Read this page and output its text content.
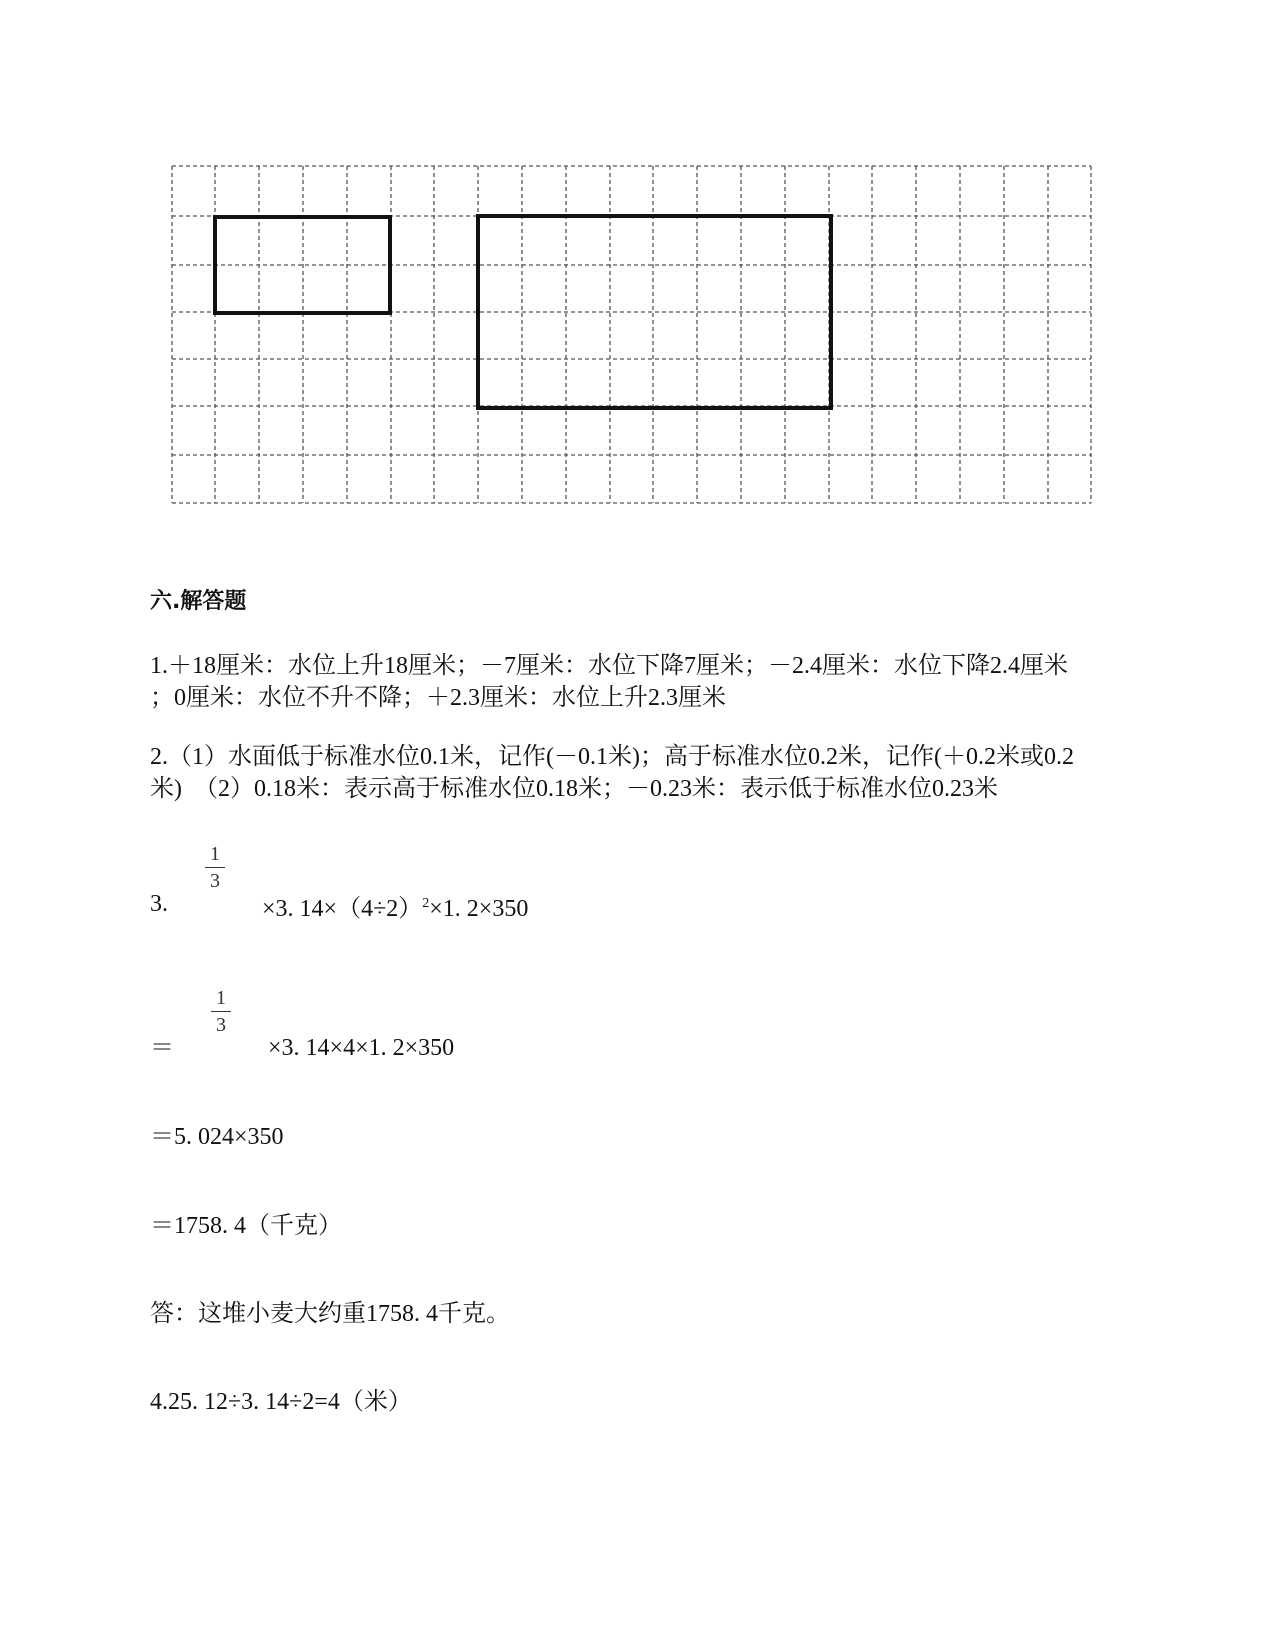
六.解答题
1.＋18厘米：水位上升18厘米；－7厘米：水位下降7厘米；－2.4厘米：水位下降2.4厘米
；0厘米：水位不升不降；＋2.3厘米：水位上升2.3厘米
2.（1）水面低于标准水位0.1米，记作(－0.1米)；高于标准水位0.2米，记作(＋0.2米或0.2
米)　（2）0.18米：表示高于标准水位0.18米；－0.23米：表示低于标准水位0.23米
3.
1
3
×3. $14\times(4\div 2)^2\times 1$. 2×350
＝
1
3
×3. 14×4×1. 2×350
＝5. 024×350
＝1758. 4（千克）
答：这堆小麦大约重1758. 4千克。
4.25. 12÷3. 14÷2=4（米）
